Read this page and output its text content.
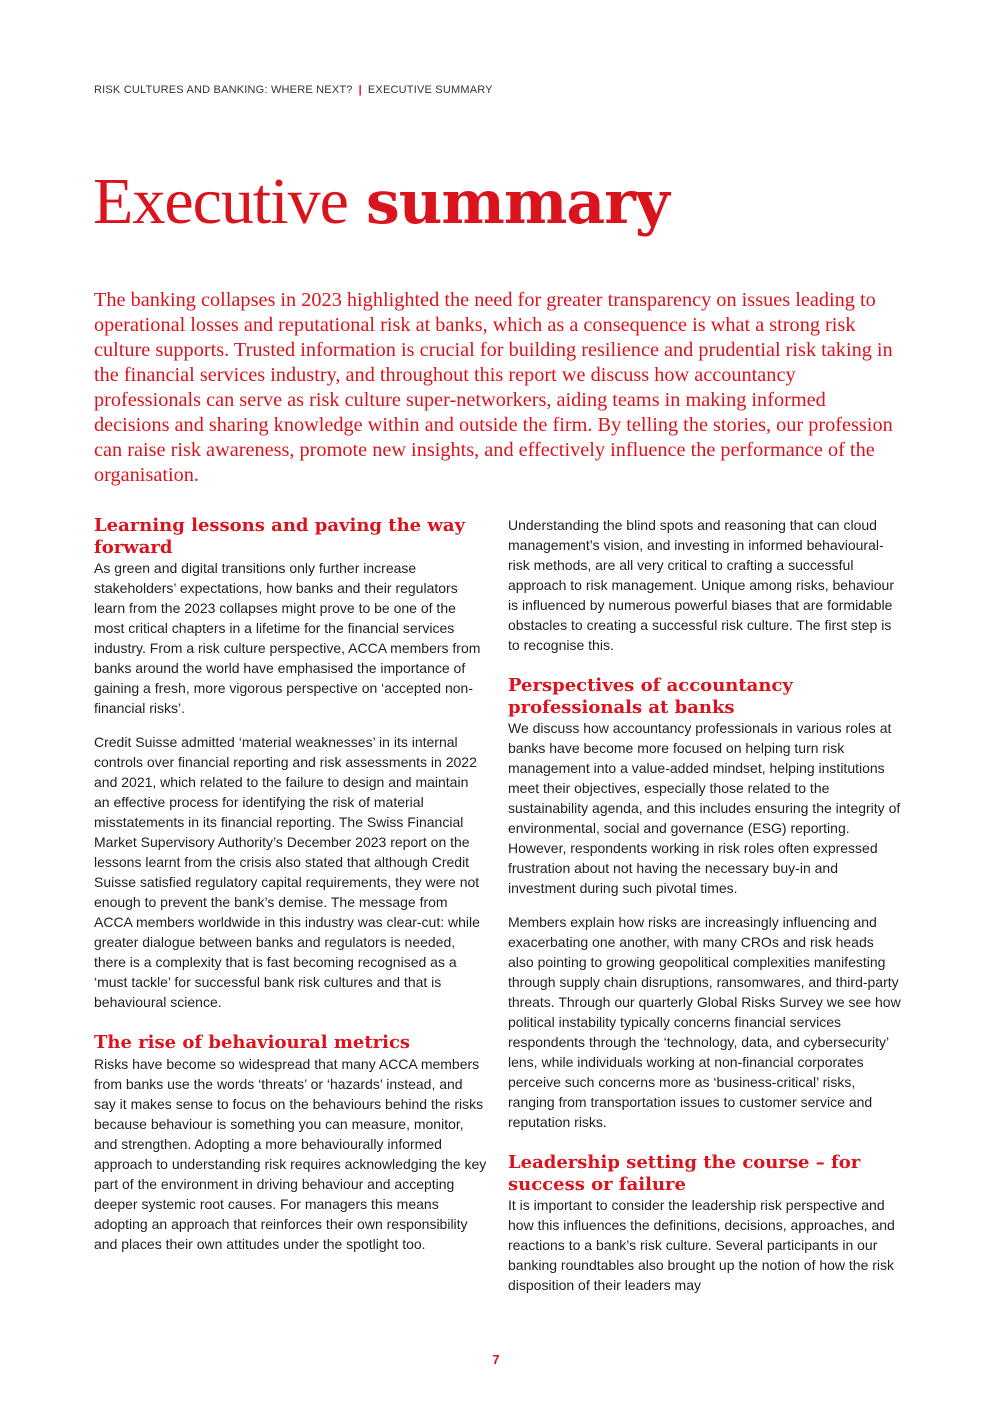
RISK CULTURES AND BANKING: WHERE NEXT? | EXECUTIVE SUMMARY
Executive summary

The banking collapses in 2023 highlighted the need for greater transparency on issues leading to operational losses and reputational risk at banks, which as a consequence is what a strong risk culture supports. Trusted information is crucial for building resilience and prudential risk taking in the financial services industry, and throughout this report we discuss how accountancy professionals can serve as risk culture super-networkers, aiding teams in making informed decisions and sharing knowledge within and outside the firm. By telling the stories, our profession can raise risk awareness, promote new insights, and effectively influence the performance of the organisation.

Learning lessons and paving the way forward

As green and digital transitions only further increase stakeholders’ expectations, how banks and their regulators learn from the 2023 collapses might prove to be one of the most critical chapters in a lifetime for the financial services industry. From a risk culture perspective, ACCA members from banks around the world have emphasised the importance of gaining a fresh, more vigorous perspective on ‘accepted non-financial risks’.

Credit Suisse admitted ‘material weaknesses’ in its internal controls over financial reporting and risk assessments in 2022 and 2021, which related to the failure to design and maintain an effective process for identifying the risk of material misstatements in its financial reporting. The Swiss Financial Market Supervisory Authority’s December 2023 report on the lessons learnt from the crisis also stated that although Credit Suisse satisfied regulatory capital requirements, they were not enough to prevent the bank’s demise. The message from ACCA members worldwide in this industry was clear-cut: while greater dialogue between banks and regulators is needed, there is a complexity that is fast becoming recognised as a ‘must tackle’ for successful bank risk cultures and that is behavioural science.

The rise of behavioural metrics

Risks have become so widespread that many ACCA members from banks use the words ‘threats’ or ‘hazards’ instead, and say it makes sense to focus on the behaviours behind the risks because behaviour is something you can measure, monitor, and strengthen. Adopting a more behaviourally informed approach to understanding risk requires acknowledging the key part of the environment in driving behaviour and accepting deeper systemic root causes. For managers this means adopting an approach that reinforces their own responsibility and places their own attitudes under the spotlight too.

Understanding the blind spots and reasoning that can cloud management’s vision, and investing in informed behavioural-risk methods, are all very critical to crafting a successful approach to risk management. Unique among risks, behaviour is influenced by numerous powerful biases that are formidable obstacles to creating a successful risk culture. The first step is to recognise this.

Perspectives of accountancy professionals at banks

We discuss how accountancy professionals in various roles at banks have become more focused on helping turn risk management into a value-added mindset, helping institutions meet their objectives, especially those related to the sustainability agenda, and this includes ensuring the integrity of environmental, social and governance (ESG) reporting. However, respondents working in risk roles often expressed frustration about not having the necessary buy-in and investment during such pivotal times.

Members explain how risks are increasingly influencing and exacerbating one another, with many CROs and risk heads also pointing to growing geopolitical complexities manifesting through supply chain disruptions, ransomwares, and third-party threats. Through our quarterly Global Risks Survey we see how political instability typically concerns financial services respondents through the ‘technology, data, and cybersecurity’ lens, while individuals working at non-financial corporates perceive such concerns more as ‘business-critical’ risks, ranging from transportation issues to customer service and reputation risks.

Leadership setting the course – for success or failure

It is important to consider the leadership risk perspective and how this influences the definitions, decisions, approaches, and reactions to a bank’s risk culture. Several participants in our banking roundtables also brought up the notion of how the risk disposition of their leaders may

7
